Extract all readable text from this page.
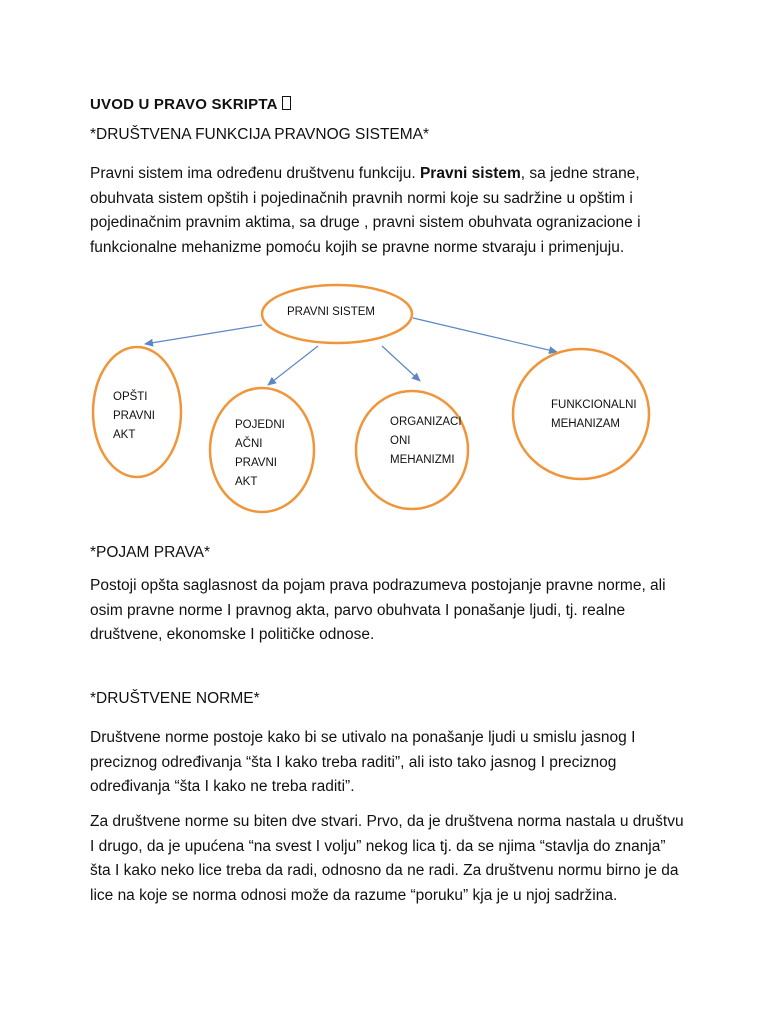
UVOD U PRAVO SKRIPTA
*DRUŠTVENA FUNKCIJA PRAVNOG SISTEMA*

Pravni sistem ima određenu društvenu funkciju. Pravni sistem, sa jedne strane, obuhvata sistem opštih i pojedinačnih pravnih normi koje su sadržine u opštim i pojedinačnim pravnim aktima, sa druge , pravni sistem obuhvata ogranizacione i funkcionalne mehanizme pomoću kojih se pravne norme stvaraju i primenjuju.

PRAVNI SISTEM
OPŠTI
PRAVNI
AKT
POJEDNI
AČNI
PRAVNI
AKT
ORGANIZACI
ONI
MEHANIZMI
FUNKCIONALNI
MEHANIZAM
*POJAM PRAVA*

Postoji opšta saglasnost da pojam prava podrazumeva postojanje pravne norme, ali osim pravne norme I pravnog akta, parvo obuhvata I ponašanje ljudi, tj. realne društvene, ekonomske I političke odnose.

*DRUŠTVENE NORME*

Društvene norme postoje kako bi se utivalo na ponašanje ljudi u smislu jasnog I preciznog određivanja “šta I kako treba raditi”, ali isto tako jasnog I preciznog određivanja “šta I kako ne treba raditi”.

Za društvene norme su biten dve stvari. Prvo, da je društvena norma nastala u društvu I drugo, da je upućena “na svest I volju” nekog lica tj. da se njima “stavlja do znanja” šta I kako neko lice treba da radi, odnosno da ne radi. Za društvenu normu birno je da lice na koje se norma odnosi može da razume “poruku” kja je u njoj sadržina.
